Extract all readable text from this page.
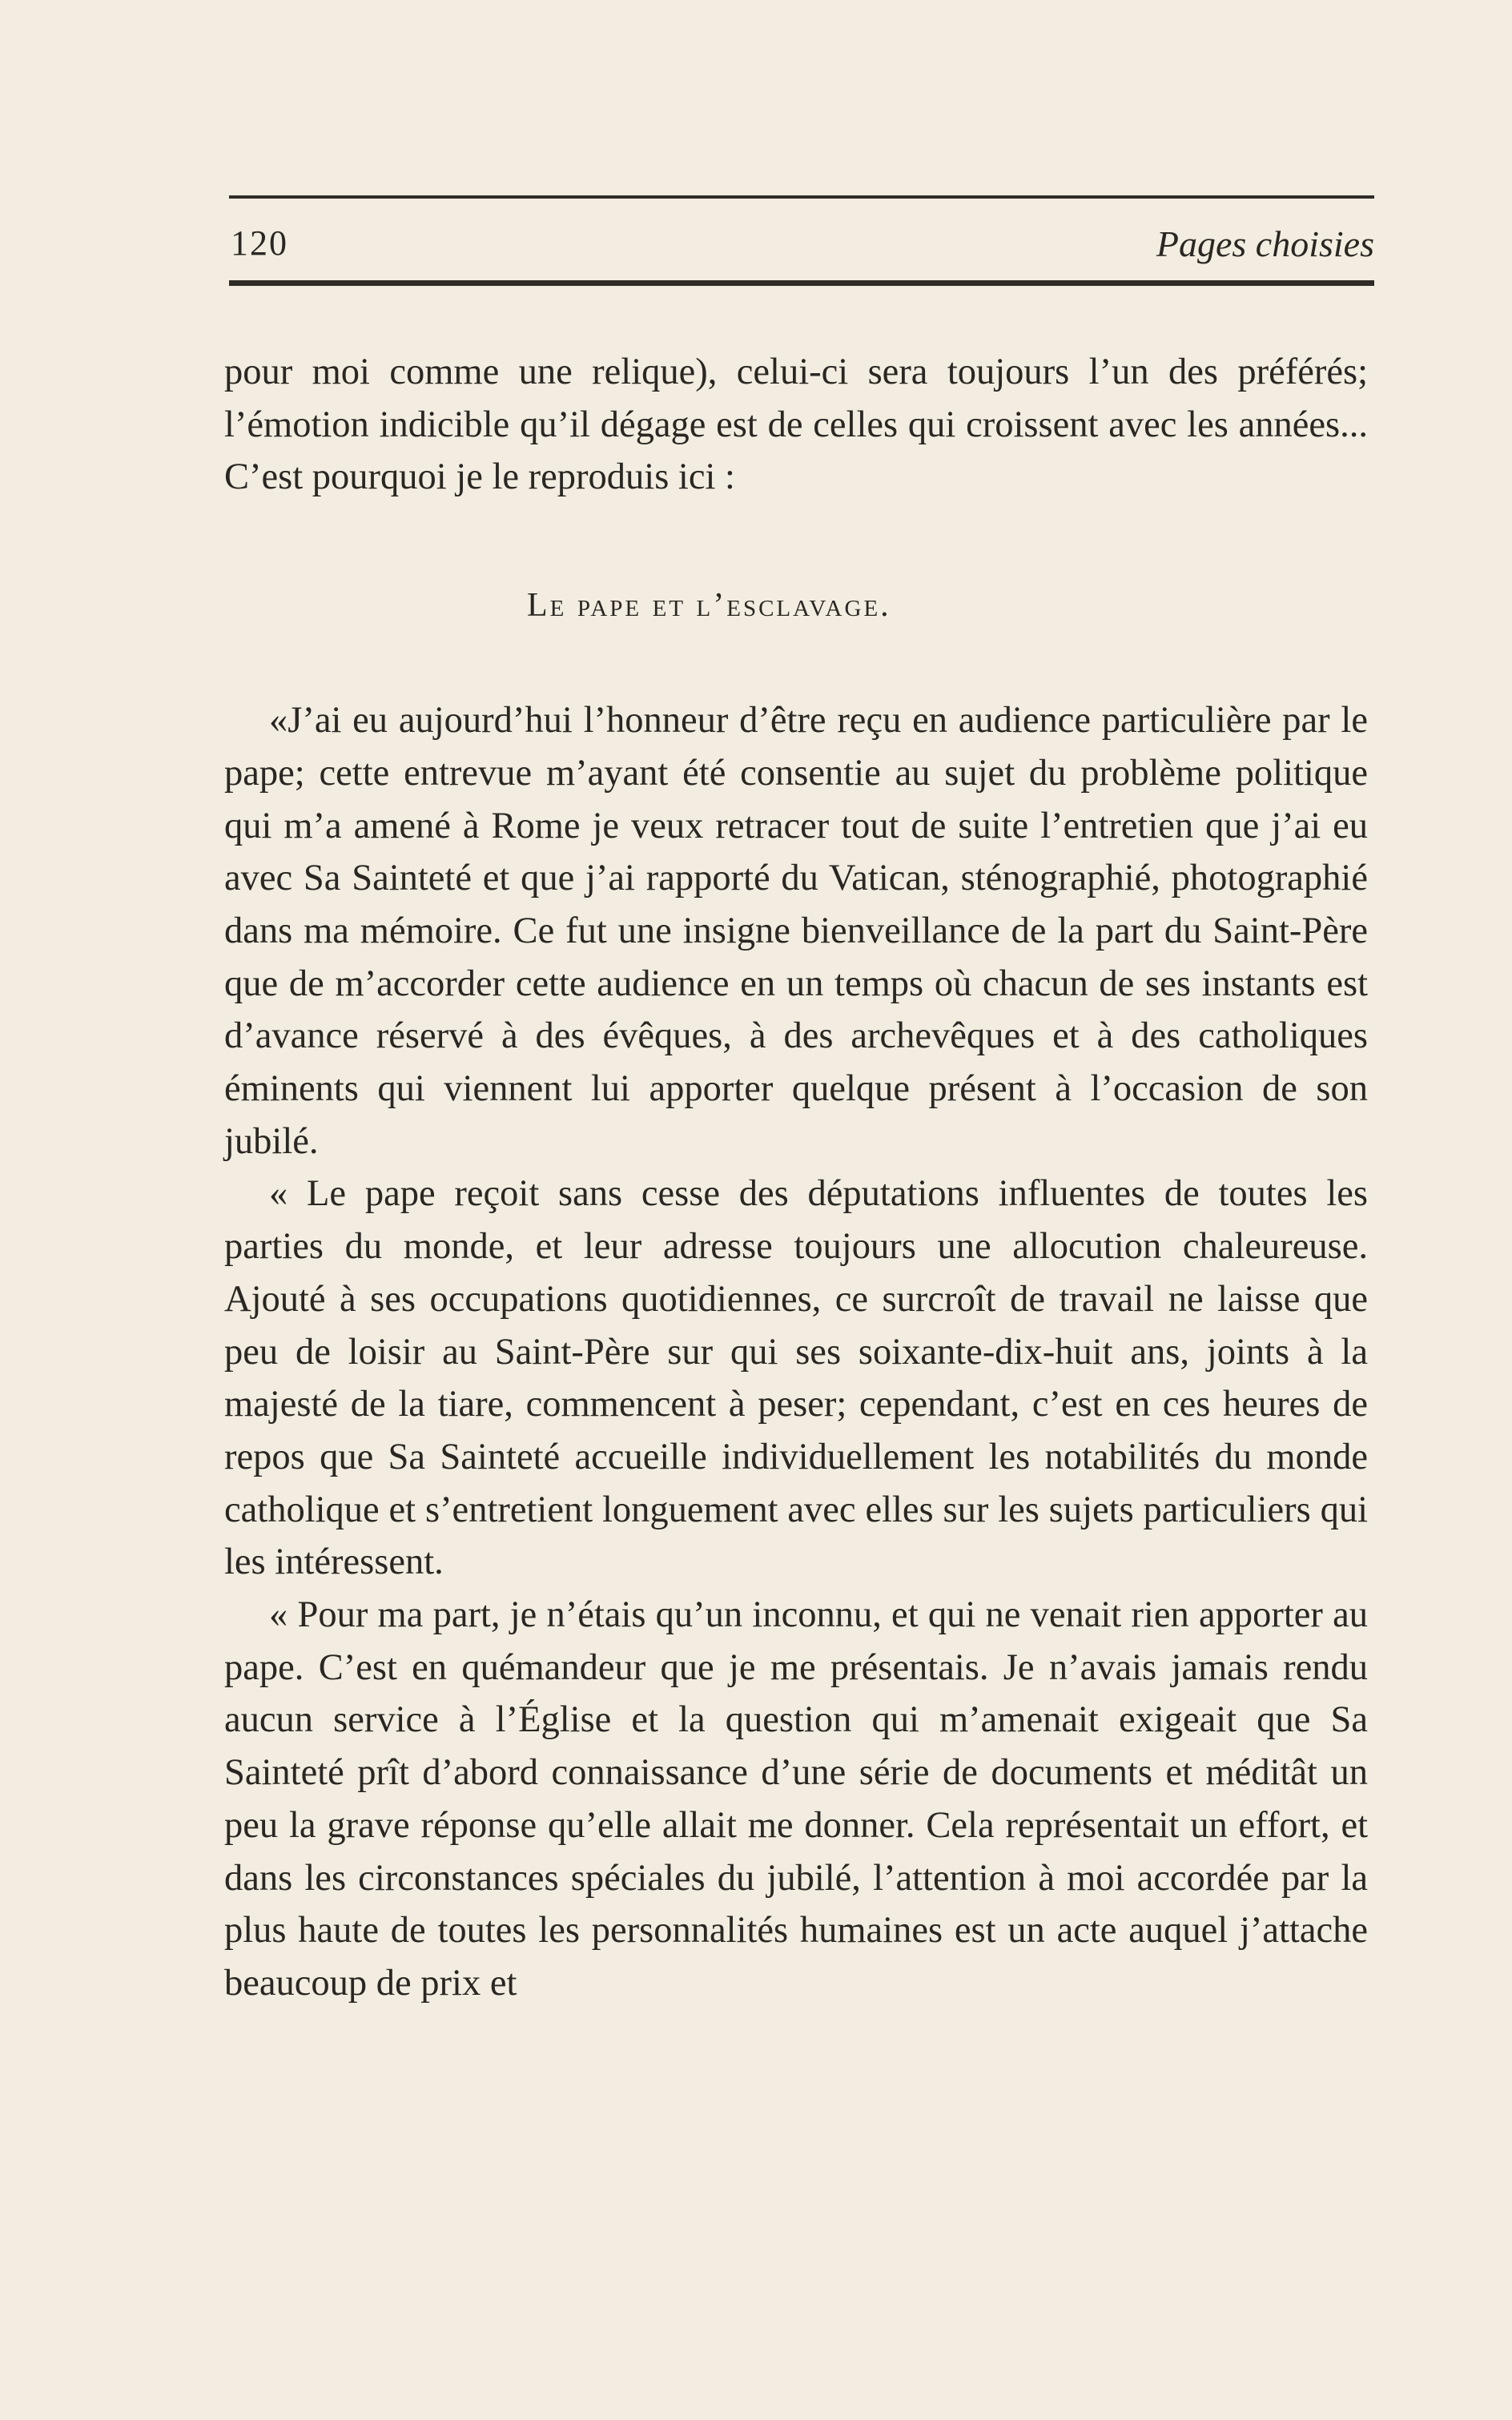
120	Pages choisies

pour moi comme une relique), celui-ci sera toujours l’un des préférés; l’émotion indicible qu’il dégage est de celles qui croissent avec les années... C’est pourquoi je le reproduis ici :

Le pape et l’esclavage.

«J’ai eu aujourd’hui l’honneur d’être reçu en audience particulière par le pape; cette entrevue m’ayant été consentie au sujet du problème politique qui m’a amené à Rome je veux retracer tout de suite l’entretien que j’ai eu avec Sa Sainteté et que j’ai rapporté du Vatican, sténographié, photographié dans ma mémoire. Ce fut une insigne bienveillance de la part du Saint-Père que de m’accorder cette audience en un temps où chacun de ses instants est d’avance réservé à des évêques, à des archevêques et à des catholiques éminents qui viennent lui apporter quelque présent à l’occasion de son jubilé.

« Le pape reçoit sans cesse des députations influentes de toutes les parties du monde, et leur adresse toujours une allocution chaleureuse. Ajouté à ses occupations quotidiennes, ce surcroît de travail ne laisse que peu de loisir au Saint-Père sur qui ses soixante-dix-huit ans, joints à la majesté de la tiare, commencent à peser; cependant, c’est en ces heures de repos que Sa Sainteté accueille individuellement les notabilités du monde catholique et s’entretient longuement avec elles sur les sujets particuliers qui les intéressent.

« Pour ma part, je n’étais qu’un inconnu, et qui ne venait rien apporter au pape. C’est en quémandeur que je me présentais. Je n’avais jamais rendu aucun service à l’Église et la question qui m’amenait exigeait que Sa Sainteté prît d’abord connaissance d’une série de documents et méditât un peu la grave réponse qu’elle allait me donner. Cela représentait un effort, et dans les circonstances spéciales du jubilé, l’attention à moi accordée par la plus haute de toutes les personnalités humaines est un acte auquel j’attache beaucoup de prix et
